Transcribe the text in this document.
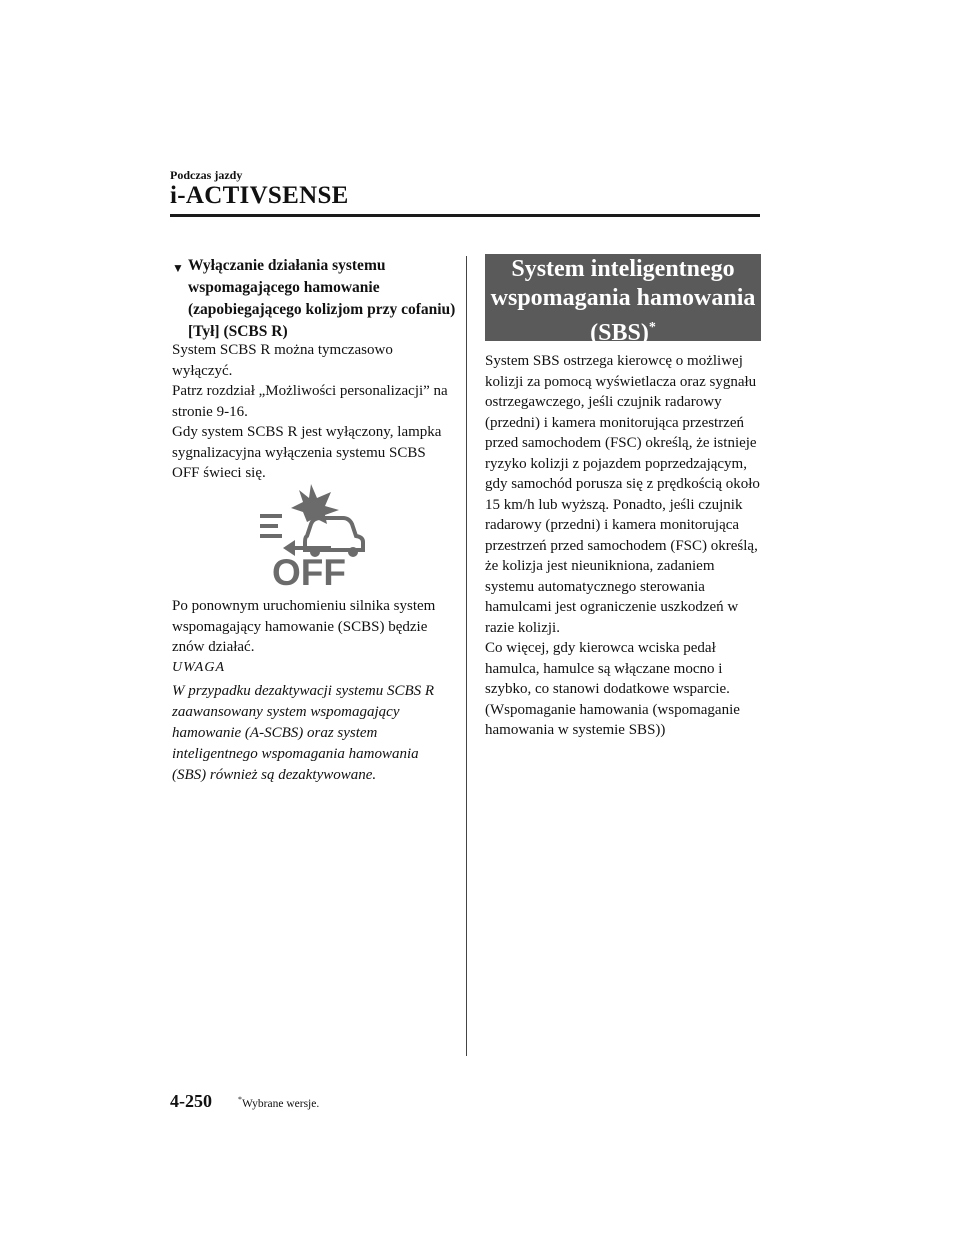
Podczas jazdy
i-ACTIVSENSE
▼ Wyłączanie działania systemu wspomagającego hamowanie (zapobiegającego kolizjom przy cofaniu) [Tył] (SCBS R)

System SCBS R można tymczasowo wyłączyć.
Patrz rozdział „Możliwości personalizacji” na stronie 9-16.
Gdy system SCBS R jest wyłączony, lampka sygnalizacyjna wyłączenia systemu SCBS OFF świeci się.

OFF

Po ponownym uruchomieniu silnika system wspomagający hamowanie (SCBS) będzie znów działać.

UWAGA

W przypadku dezaktywacji systemu SCBS R zaawansowany system wspomagający hamowanie (A-SCBS) oraz system inteligentnego wspomagania hamowania (SBS) również są dezaktywowane.

System inteligentnego wspomagania hamowania (SBS)*

System SBS ostrzega kierowcę o możliwej kolizji za pomocą wyświetlacza oraz sygnału ostrzegawczego, jeśli czujnik radarowy (przedni) i kamera monitorująca przestrzeń przed samochodem (FSC) określą, że istnieje ryzyko kolizji z pojazdem poprzedzającym, gdy samochód porusza się z prędkością około 15 km/h lub wyższą. Ponadto, jeśli czujnik radarowy (przedni) i kamera monitorująca przestrzeń przed samochodem (FSC) określą, że kolizja jest nieunikniona, zadaniem systemu automatycznego sterowania hamulcami jest ograniczenie uszkodzeń w razie kolizji.
Co więcej, gdy kierowca wciska pedał hamulca, hamulce są włączane mocno i szybko, co stanowi dodatkowe wsparcie. (Wspomaganie hamowania (wspomaganie hamowania w systemie SBS))

4-250	*Wybrane wersje.
